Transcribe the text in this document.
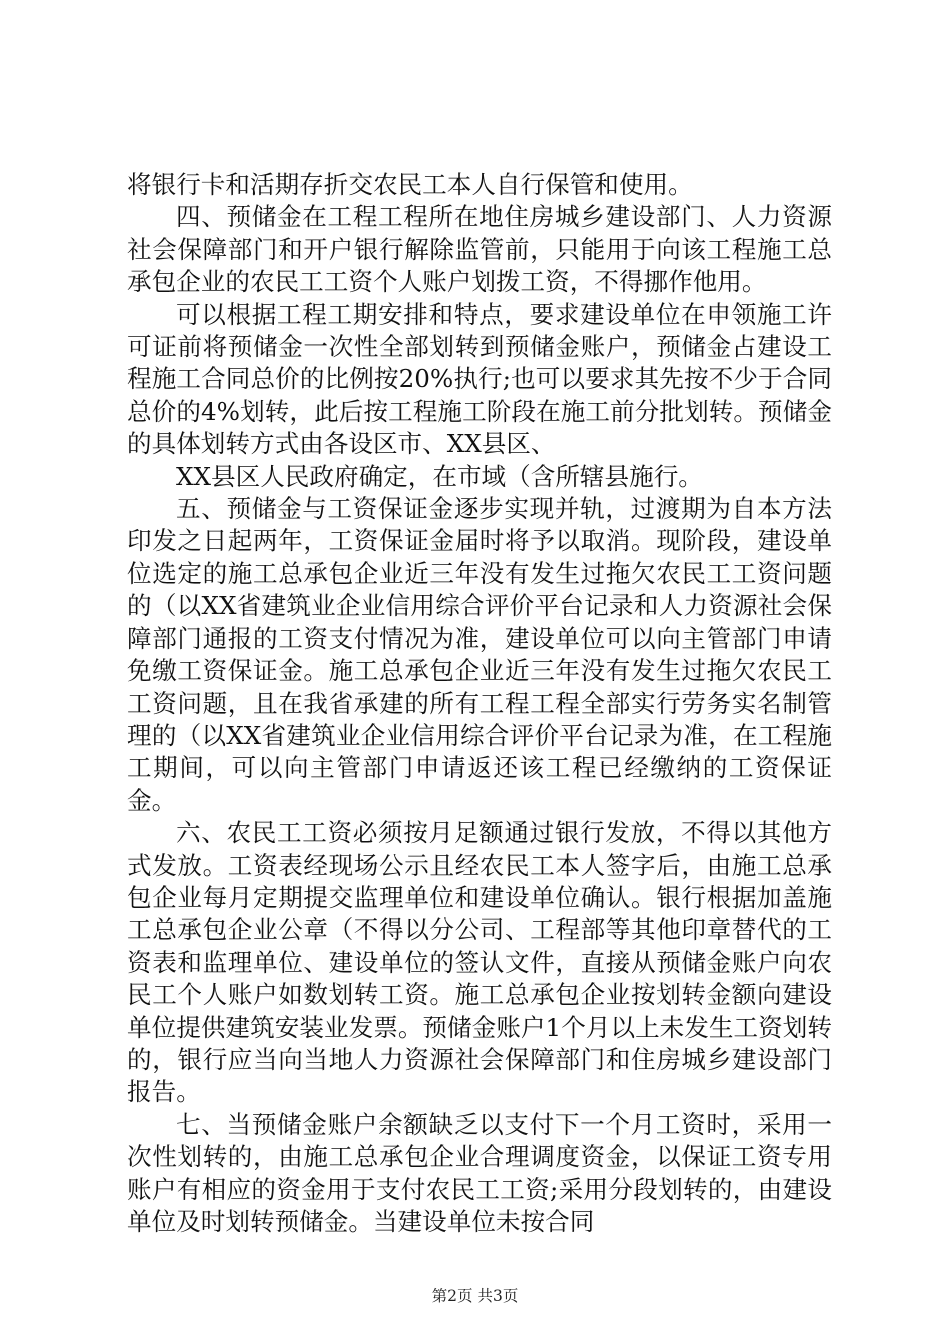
将银行卡和活期存折交农民工本人自行保管和使用。

四、预储金在工程工程所在地住房城乡建设部门、人力资源社会保障部门和开户银行解除监管前，只能用于向该工程施工总承包企业的农民工工资个人账户划拨工资，不得挪作他用。

可以根据工程工期安排和特点，要求建设单位在申领施工许可证前将预储金一次性全部划转到预储金账户，预储金占建设工程施工合同总价的比例按20%执行;也可以要求其先按不少于合同总价的4%划转，此后按工程施工阶段在施工前分批划转。预储金的具体划转方式由各设区市、XX县区、

XX县区人民政府确定，在市域（含所辖县施行。

五、预储金与工资保证金逐步实现并轨，过渡期为自本方法印发之日起两年，工资保证金届时将予以取消。现阶段，建设单位选定的施工总承包企业近三年没有发生过拖欠农民工工资问题的（以XX省建筑业企业信用综合评价平台记录和人力资源社会保障部门通报的工资支付情况为准，建设单位可以向主管部门申请免缴工资保证金。施工总承包企业近三年没有发生过拖欠农民工工资问题，且在我省承建的所有工程工程全部实行劳务实名制管理的（以XX省建筑业企业信用综合评价平台记录为准，在工程施工期间，可以向主管部门申请返还该工程已经缴纳的工资保证金。

六、农民工工资必须按月足额通过银行发放，不得以其他方式发放。工资表经现场公示且经农民工本人签字后，由施工总承包企业每月定期提交监理单位和建设单位确认。银行根据加盖施工总承包企业公章（不得以分公司、工程部等其他印章替代的工资表和监理单位、建设单位的签认文件，直接从预储金账户向农民工个人账户如数划转工资。施工总承包企业按划转金额向建设单位提供建筑安装业发票。预储金账户1个月以上未发生工资划转的，银行应当向当地人力资源社会保障部门和住房城乡建设部门报告。

七、当预储金账户余额缺乏以支付下一个月工资时，采用一次性划转的，由施工总承包企业合理调度资金，以保证工资专用账户有相应的资金用于支付农民工工资;采用分段划转的，由建设单位及时划转预储金。当建设单位未按合同

第2页 共3页
